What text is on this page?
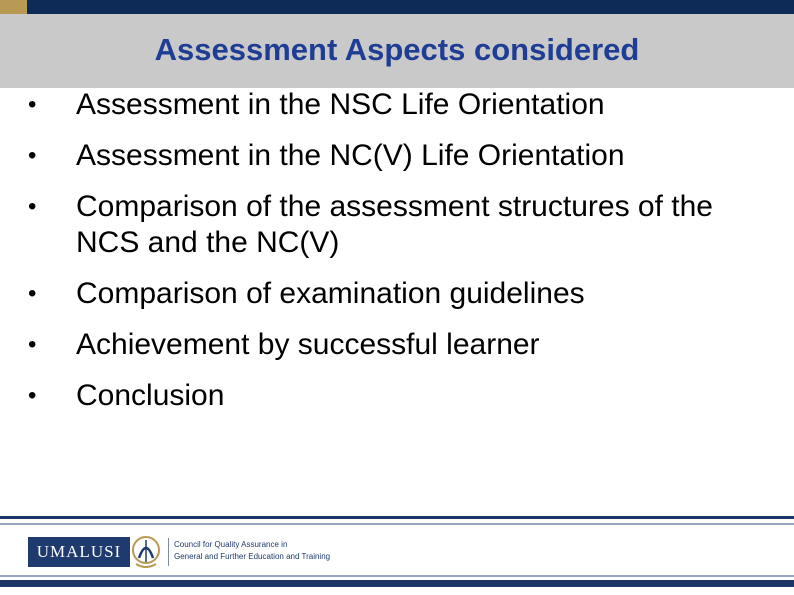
Assessment Aspects considered
•	Assessment in the NSC Life Orientation
•	Assessment in the NC(V) Life Orientation
•	Comparison of the assessment structures of the NCS and the NC(V)
•	Comparison of examination guidelines
•	Achievement by successful learner
•	Conclusion
UMALUSI	Council for Quality Assurance in
General and Further Education and Training
